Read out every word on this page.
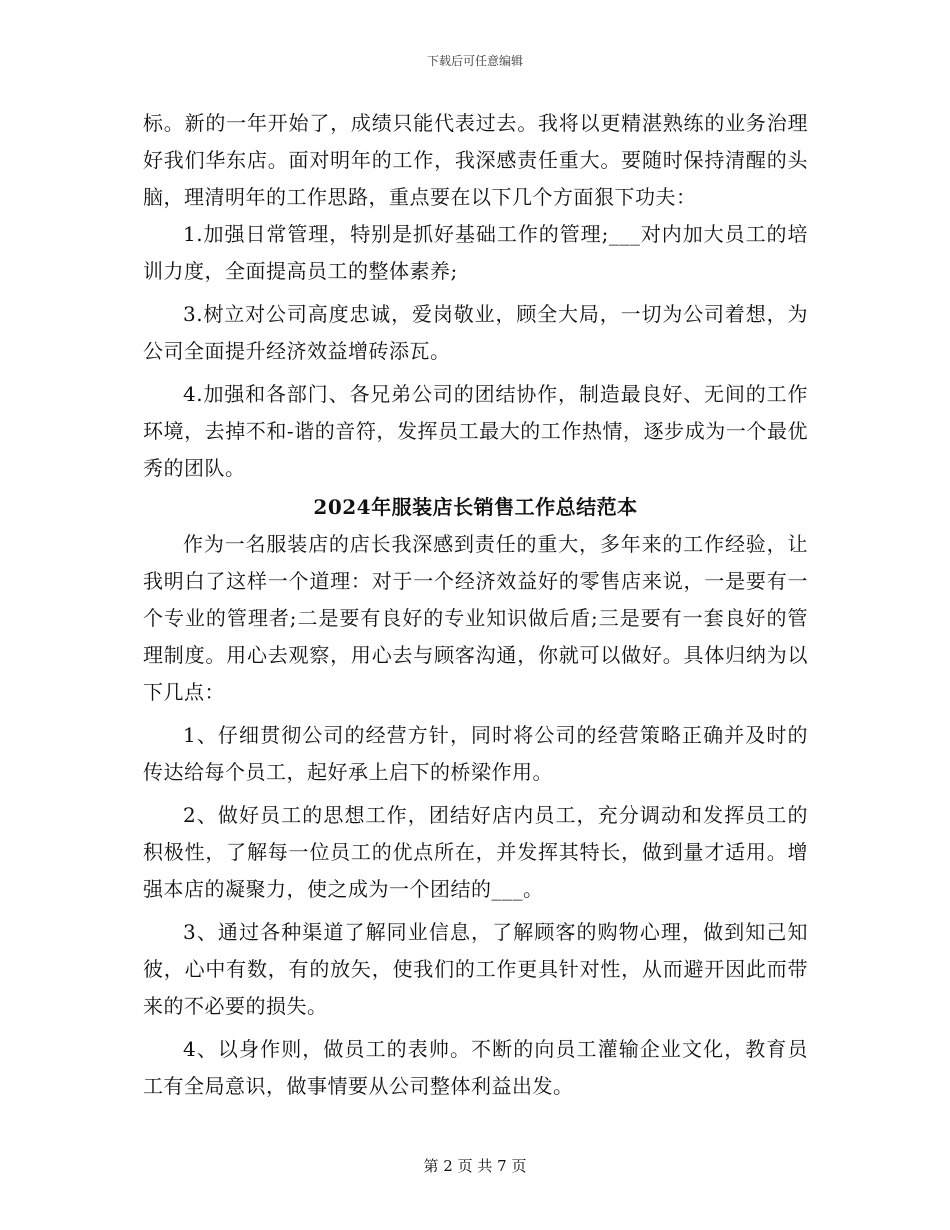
下载后可任意编辑

标。新的一年开始了，成绩只能代表过去。我将以更精湛熟练的业务治理好我们华东店。面对明年的工作，我深感责任重大。要随时保持清醒的头脑，理清明年的工作思路，重点要在以下几个方面狠下功夫：

1.加强日常管理，特别是抓好基础工作的管理;___对内加大员工的培训力度，全面提高员工的整体素养;

3.树立对公司高度忠诚，爱岗敬业，顾全大局，一切为公司着想，为公司全面提升经济效益增砖添瓦。

4.加强和各部门、各兄弟公司的团结协作，制造最良好、无间的工作环境，去掉不和-谐的音符，发挥员工最大的工作热情，逐步成为一个最优秀的团队。

2024年服装店长销售工作总结范本

作为一名服装店的店长我深感到责任的重大，多年来的工作经验，让我明白了这样一个道理：对于一个经济效益好的零售店来说，一是要有一个专业的管理者;二是要有良好的专业知识做后盾;三是要有一套良好的管理制度。用心去观察，用心去与顾客沟通，你就可以做好。具体归纳为以下几点：

1、仔细贯彻公司的经营方针，同时将公司的经营策略正确并及时的传达给每个员工，起好承上启下的桥梁作用。

2、做好员工的思想工作，团结好店内员工，充分调动和发挥员工的积极性，了解每一位员工的优点所在，并发挥其特长，做到量才适用。增强本店的凝聚力，使之成为一个团结的___。

3、通过各种渠道了解同业信息，了解顾客的购物心理，做到知己知彼，心中有数，有的放矢，使我们的工作更具针对性，从而避开因此而带来的不必要的损失。

4、以身作则，做员工的表帅。不断的向员工灌输企业文化，教育员工有全局意识，做事情要从公司整体利益出发。

第 2 页 共 7 页
